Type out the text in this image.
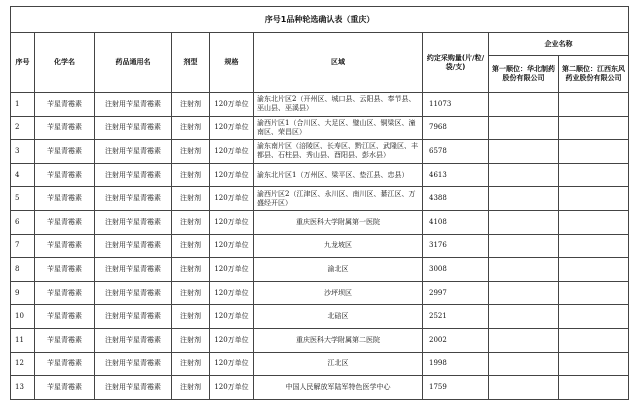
序号1品种轮选确认表（重庆）								
序号	化学名	药品通用名	剂型	规格	区域	约定采购量(片/粒/袋/支)	企业名称	
							第一顺位：华北制药股份有限公司	第二顺位：江西东风药业股份有限公司
1	苄星青霉素	注射用苄星青霉素	注射剂	120万单位	渝东北片区2（开州区、城口县、云阳县、奉节县、巫山县、巫溪县）	11073		
2	苄星青霉素	注射用苄星青霉素	注射剂	120万单位	渝西片区1（合川区、大足区、璧山区、铜梁区、潼南区、荣昌区）	7968		
3	苄星青霉素	注射用苄星青霉素	注射剂	120万单位	渝东南片区（涪陵区、长寿区、黔江区、武隆区、丰都县、石柱县、秀山县、酉阳县、彭水县）	6578		
4	苄星青霉素	注射用苄星青霉素	注射剂	120万单位	渝东北片区1（万州区、梁平区、垫江县、忠县）	4613		
5	苄星青霉素	注射用苄星青霉素	注射剂	120万单位	渝西片区2（江津区、永川区、南川区、綦江区、万盛经开区）	4388		
6	苄星青霉素	注射用苄星青霉素	注射剂	120万单位	重庆医科大学附属第一医院	4108		
7	苄星青霉素	注射用苄星青霉素	注射剂	120万单位	九龙坡区	3176		
8	苄星青霉素	注射用苄星青霉素	注射剂	120万单位	渝北区	3008		
9	苄星青霉素	注射用苄星青霉素	注射剂	120万单位	沙坪坝区	2997		
10	苄星青霉素	注射用苄星青霉素	注射剂	120万单位	北碚区	2521		
11	苄星青霉素	注射用苄星青霉素	注射剂	120万单位	重庆医科大学附属第二医院	2002		
12	苄星青霉素	注射用苄星青霉素	注射剂	120万单位	江北区	1998		
13	苄星青霉素	注射用苄星青霉素	注射剂	120万单位	中国人民解放军陆军特色医学中心	1759		
